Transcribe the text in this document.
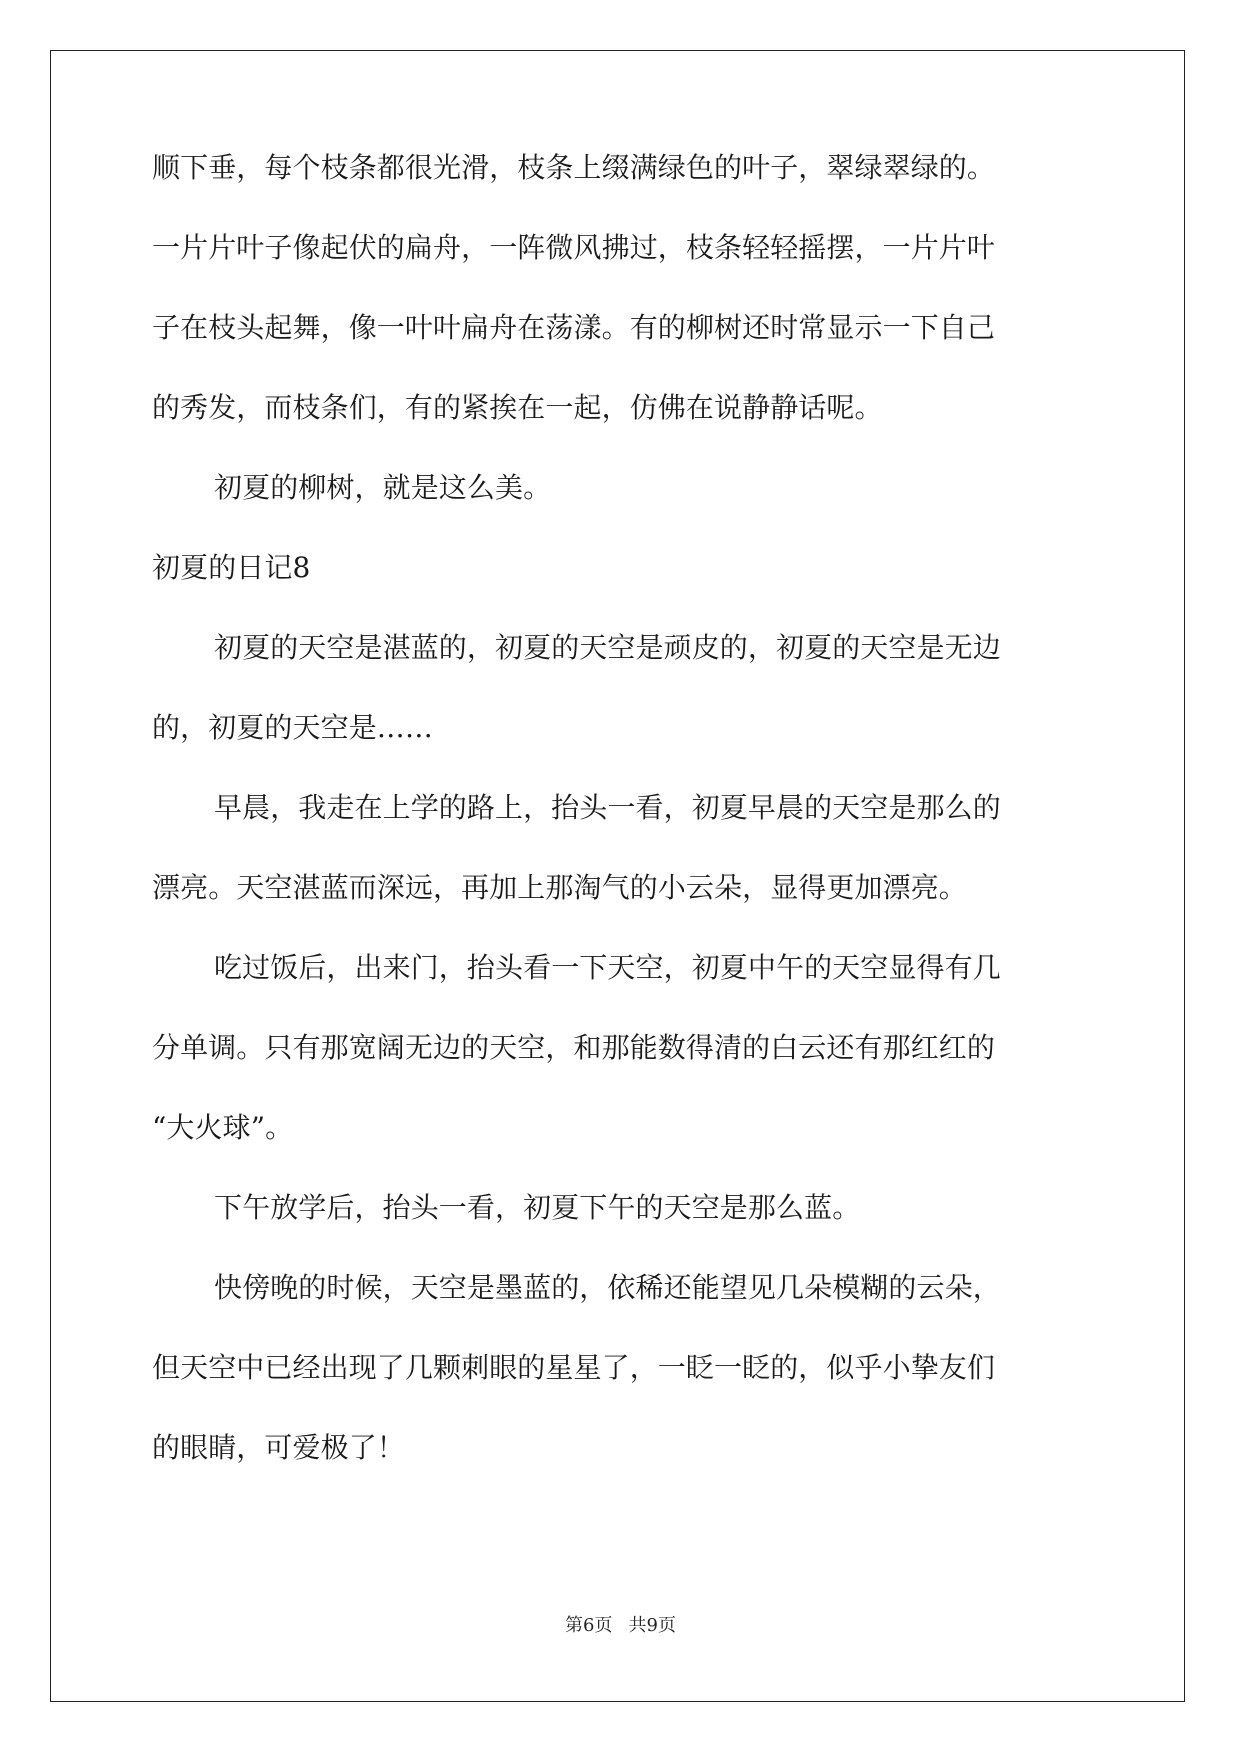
顺下垂，每个枝条都很光滑，枝条上缀满绿色的叶子，翠绿翠绿的。
一片片叶子像起伏的扁舟，一阵微风拂过，枝条轻轻摇摆，一片片叶
子在枝头起舞，像一叶叶扁舟在荡漾。有的柳树还时常显示一下自己
的秀发，而枝条们，有的紧挨在一起，仿佛在说静静话呢。
初夏的柳树，就是这么美。
初夏的日记8
初夏的天空是湛蓝的，初夏的天空是顽皮的，初夏的天空是无边
的，初夏的天空是……
早晨，我走在上学的路上，抬头一看，初夏早晨的天空是那么的
漂亮。天空湛蓝而深远，再加上那淘气的小云朵，显得更加漂亮。
吃过饭后，出来门，抬头看一下天空，初夏中午的天空显得有几
分单调。只有那宽阔无边的天空，和那能数得清的白云还有那红红的
“大火球”。
下午放学后，抬头一看，初夏下午的天空是那么蓝。
快傍晚的时候，天空是墨蓝的，依稀还能望见几朵模糊的云朵，
但天空中已经出现了几颗刺眼的星星了，一眨一眨的，似乎小挚友们
的眼睛，可爱极了！
第6页 共9页
